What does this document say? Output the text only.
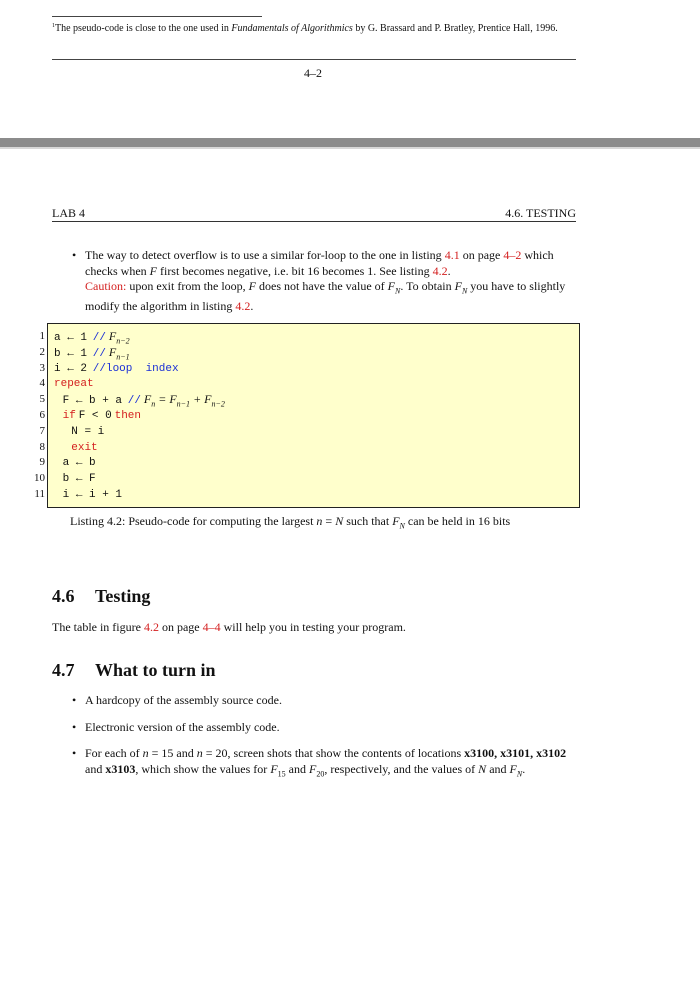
$^1$The pseudo-code is close to the one used in Fundamentals of Algorithmics by G. Brassard and P. Bratley, Prentice Hall, 1996.
4–2
LAB 4	4.6. TESTING
• The way to detect overflow is to use a similar for-loop to the one in listing 4.1 on page 4–2 which checks when F first becomes negative, i.e. bit 16 becomes 1. See listing 4.2.
Caution: upon exit from the loop, F does not have the value of $F_N$. To obtain $F_N$ you have to slightly modify the algorithm in listing 4.2.
1
2
3
4
5
6
7
8
9
10
11
a ← $1 // F_{n-2}$
b ← $1 // F_{n-1}$
i ← 2 //loop  index
repeat
F ← $b + a // F_n = F_{n-1} + F_{n-2}$
if F < 0 then
N = i
exit
a ← b
b ← F
i ← i + 1
Listing 4.2: Pseudo-code for computing the largest n = N such that $F_N$ can be held in 16 bits
4.6 Testing
The table in figure 4.2 on page 4–4 will help you in testing your program.
4.7 What to turn in
• A hardcopy of the assembly source code.
• Electronic version of the assembly code.
• For each of n = 15 and n = 20, screen shots that show the contents of locations x3100, x3101, x3102 and x3103, which show the values for $F_{15}$ and $F_{20}$, respectively, and the values of N and $F_N$.
